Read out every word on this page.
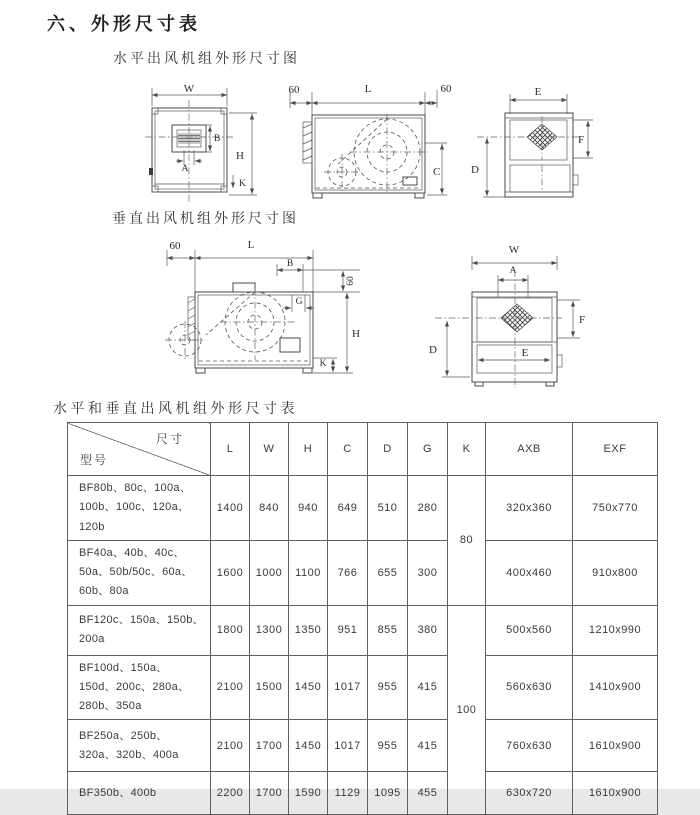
六、外形尺寸表
水平出风机组外形尺寸图
W
B
A
H
K
60	L	60
C
E
F
D
垂直出风机组外形尺寸图
60	L
B
60
G
H
K
W
A
E
F
D
水平和垂直出风机组外形尺寸表
尺寸
型号	L	W	H	C	D	G	K	AXB	EXF
BF80b、80c、100a、100b、100c、120a、120b	1400	840	940	649	510	280	80	320x360	750x770
BF40a、40b、40c、50a、50b/50c、60a、60b、80a	1600	1000	1100	766	655	300		400x460	910x800
BF120c、150a、150b、200a	1800	1300	1350	951	855	380	100	500x560	1210x990
BF100d、150a、150d、200c、280a、280b、350a	2100	1500	1450	1017	955	415		560x630	1410x900
BF250a、250b、320a、320b、400a	2100	1700	1450	1017	955	415		760x630	1610x900
BF350b、400b	2200	1700	1590	1129	1095	455		630x720	1610x900
